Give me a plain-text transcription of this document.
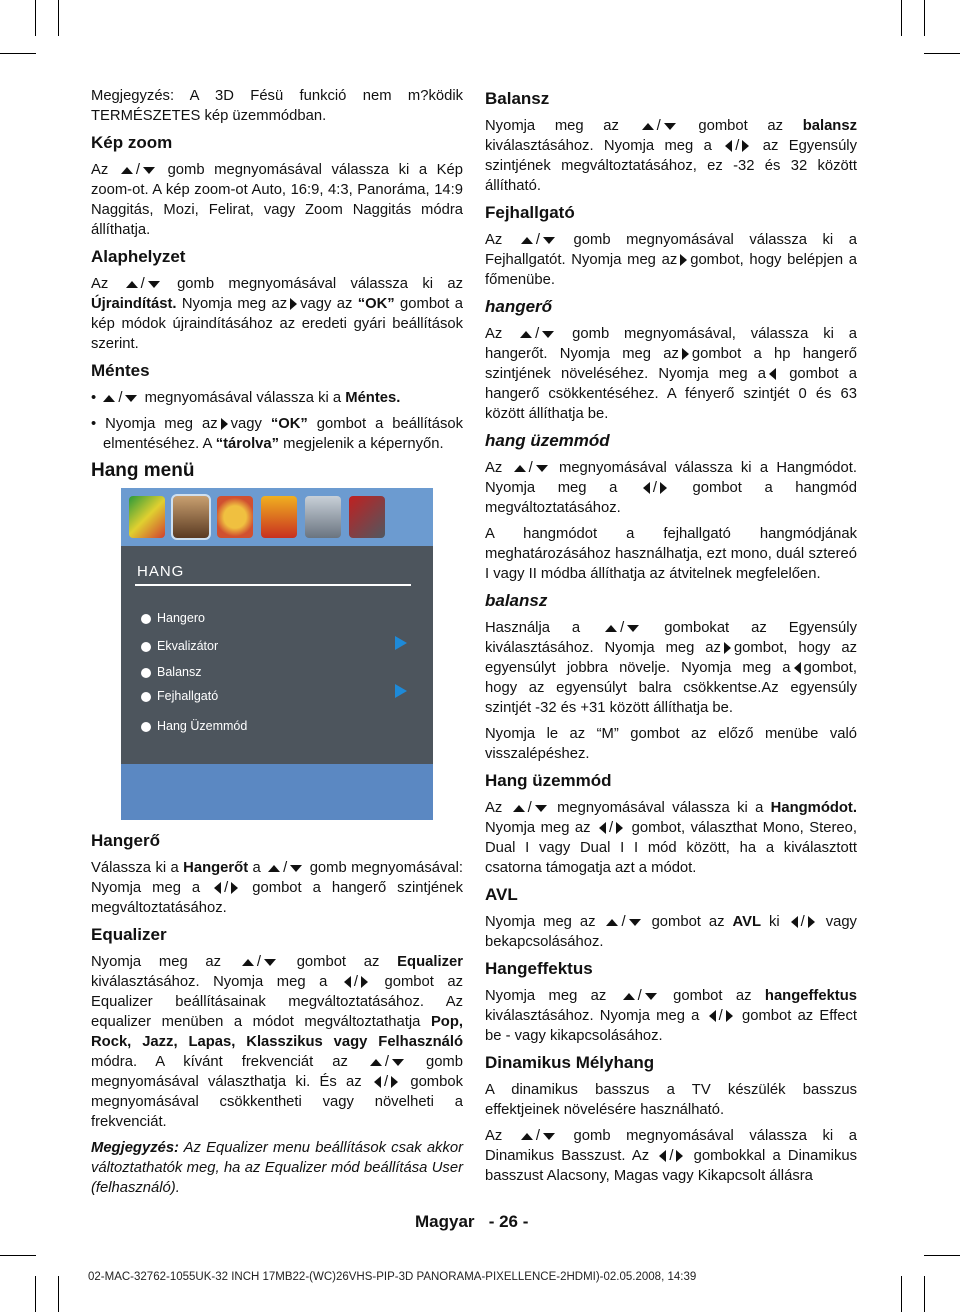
Megjegyzés: A 3D Fésü funkció nem m?ködik TERMÉSZETES kép üzemmódban.

Kép zoom

Az / gomb megnyomásával válassza ki a Kép zoom-ot. A kép zoom-ot Auto, 16:9, 4:3, Panoráma, 14:9 Naggitás, Mozi, Felirat, vagy Zoom Naggitás módra állíthatja.

Alaphelyzet

Az / gomb megnyomásával válassza ki az Újraindítást. Nyomja meg az vagy az “OK” gombot a kép módok újraindításához az eredeti gyári beállítások szerint.

Méntes

• / megnyomásával válassza ki a Méntes.

• Nyomja meg az vagy “OK” gombot a beállítások elmentéséhez. A “tárolva” megjelenik a képernyőn.

Hang menü
HANG
Hangero
Ekvalizátor
Balansz
Fejhallgató
Hang Üzemmód
Hangerő

Válassza ki a Hangerőt a / gomb megnyomásával: Nyomja meg a / gombot a hangerő szintjének megváltoztatásához.

Equalizer

Nyomja meg az / gombot az Equalizer kiválasztásához. Nyomja meg a / gombot az Equalizer beállításainak megváltoztatásához. Az equalizer menüben a módot megváltoztathatja Pop, Rock, Jazz, Lapas, Klasszikus vagy Felhasználó módra. A kívánt frekvenciát az / gomb megnyomásával választhatja ki. És az / gombok megnyomásával csökkentheti vagy növelheti a frekvenciát.

Megjegyzés: Az Equalizer menu beállítások csak akkor változtathatók meg, ha az Equalizer mód beállítása User (felhasználó).

Balansz

Nyomja meg az	/	gombot az balansz kiválasztásához. Nyomja meg a / az Egyensúly szintjének megváltoztatásához, ez -32 és 32 között állítható.

Fejhallgató

Az / gomb megnyomásával válassza ki a Fejhallgatót. Nyomja meg az gombot, hogy belépjen a főmenübe.

hangerő

Az / gomb megnyomásával, válassza ki a hangerőt. Nyomja meg az gombot a hp hangerő szintjének növeléséhez. Nyomja meg a gombot a hangerő csökkentéséhez. A fényerő szintjét 0 és 63 között állíthatja be.

hang üzemmód

Az / megnyomásával válassza ki a Hangmódot. Nyomja meg a / gombot a hangmód megváltoztatásához.

A hangmódot a fejhallgató hangmódjának meghatározásához használhatja, ezt mono, duál sztereó I vagy II módba állíthatja az átvitelnek megfelelően.

balansz

Használja a	/	gombokat az Egyensúly kiválasztásához. Nyomja meg az gombot, hogy az egyensúlyt jobbra növelje. Nyomja meg a gombot, hogy az egyensúlyt balra csökkentse.Az egyensúly szintjét -32 és +31 között állíthatja be.

Nyomja le az “M” gombot az előző menübe való visszalépéshez.

Hang üzemmód

Az / megnyomásával válassza ki a Hangmódot. Nyomja meg az / gombot, választhat Mono, Stereo, Dual I vagy Dual I I mód között, ha a kiválasztott csatorna támogatja azt a módot.

AVL

Nyomja meg az / gombot az AVL ki / vagy bekapcsolásához.

Hangeffektus

Nyomja meg az / gombot az hangeffektus kiválasztásához. Nyomja meg a / gombot az Effect be - vagy kikapcsolásához.

Dinamikus Mélyhang

A dinamikus basszus a TV készülék basszus effektjeinek növelésére használható.

Az / gomb megnyomásával válassza ki a Dinamikus Basszust. Az / gombokkal a Dinamikus basszust Alacsony, Magas vagy Kikapcsolt állásra

Magyar   - 26 -
02-MAC-32762-1055UK-32 INCH 17MB22-(WC)26VHS-PIP-3D PANORAMA-PIXELLENCE-2HDMI)-02.05.2008, 14:39
